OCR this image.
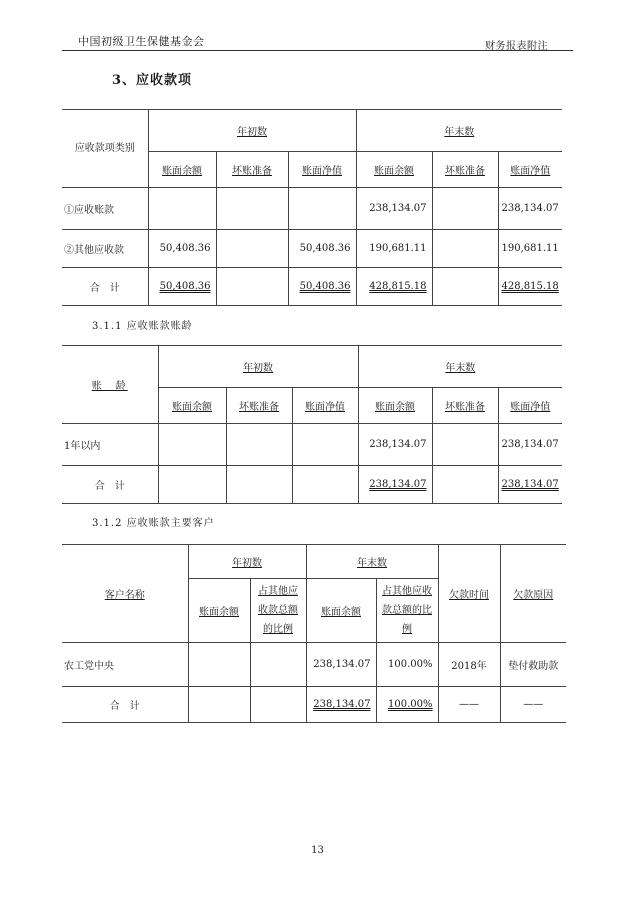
中国初级卫生保健基金会	财务报表附注
3、应收款项
应收款项类别	年初数			年末数		
	账面余额	坏账准备	账面净值	账面余额	坏账准备	账面净值
①应收账款				238,134.07		238,134.07
②其他应收款	50,408.36		50,408.36	190,681.11		190,681.11
合　计	50,408.36		50,408.36	428,815.18		428,815.18
3.1.1 应收账款账龄
账　龄	年初数			年末数		
	账面余额	坏账准备	账面净值	账面余额	坏账准备	账面净值
1年以内				238,134.07		238,134.07
合　计				238,134.07		238,134.07
3.1.2 应收账款主要客户
客户名称	年初数		年末数		欠款时间	欠款原因
	账面余额	占其他应收款总额的比例	账面余额	占其他应收款总额的比例		
农工党中央			238,134.07	100.00%	2018年	垫付救助款
合　计			238,134.07	100.00%	——	——
13
